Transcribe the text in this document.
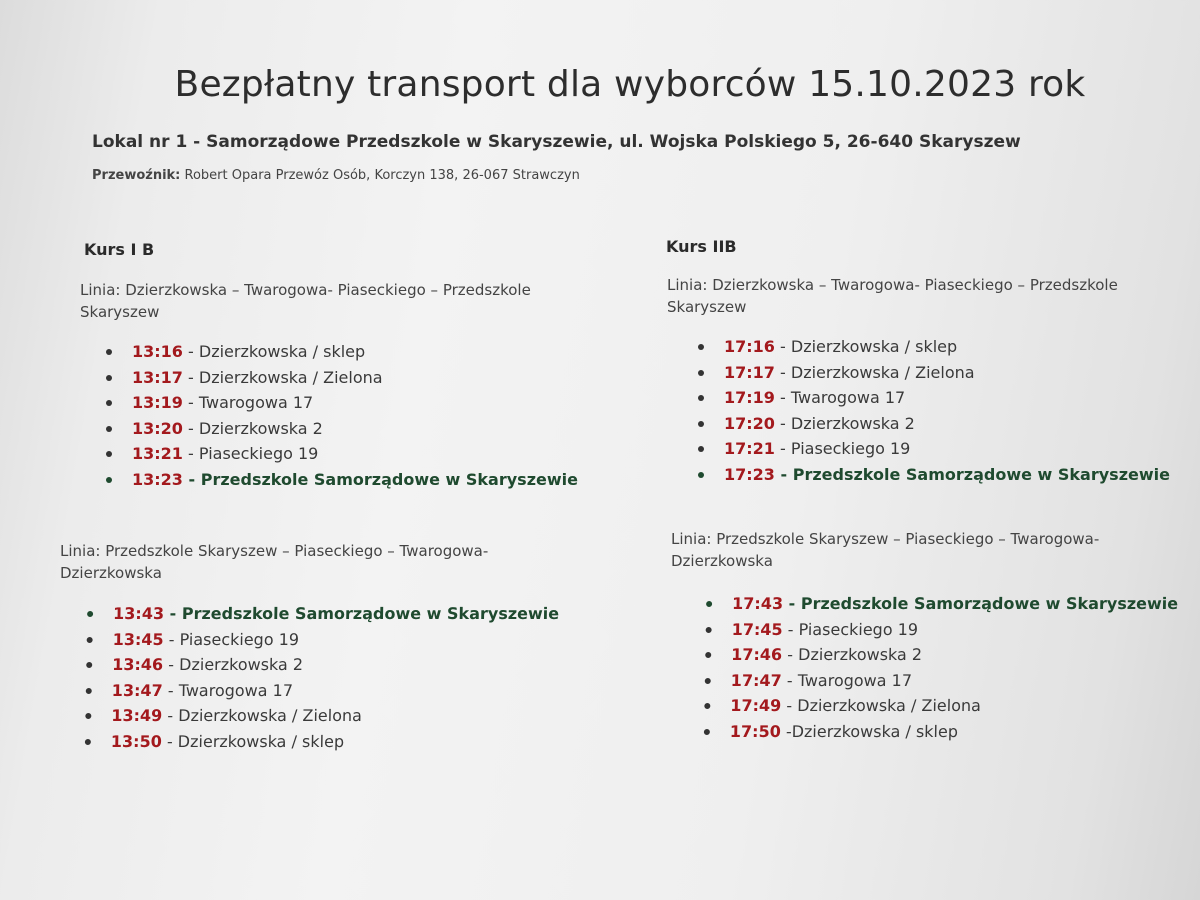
Bezpłatny transport dla wyborców 15.10.2023 rok
Lokal nr 1 - Samorządowe Przedszkole w Skaryszewie, ul. Wojska Polskiego 5, 26-640 Skaryszew
Przewoźnik: Robert Opara Przewóz Osób, Korczyn 138, 26-067 Strawczyn

Kurs I B

Linia: Dzierzkowska – Twarogowa- Piaseckiego – Przedszkole
Skaryszew

13:16 - Dzierzkowska / sklep
13:17 - Dzierzkowska / Zielona
13:19 - Twarogowa 17
13:20 - Dzierzkowska 2
13:21 - Piaseckiego 19
13:23 - Przedszkole Samorządowe w Skaryszewie

Linia: Przedszkole Skaryszew – Piaseckiego – Twarogowa-
Dzierzkowska

13:43 - Przedszkole Samorządowe w Skaryszewie
13:45 - Piaseckiego 19
13:46 - Dzierzkowska 2
13:47 - Twarogowa 17
13:49 - Dzierzkowska / Zielona
13:50 - Dzierzkowska / sklep

Kurs IIB

Linia: Dzierzkowska – Twarogowa- Piaseckiego – Przedszkole
Skaryszew

17:16 - Dzierzkowska / sklep
17:17 - Dzierzkowska / Zielona
17:19 - Twarogowa 17
17:20 - Dzierzkowska 2
17:21 - Piaseckiego 19
17:23 - Przedszkole Samorządowe w Skaryszewie

Linia: Przedszkole Skaryszew – Piaseckiego – Twarogowa-
Dzierzkowska

17:43 - Przedszkole Samorządowe w Skaryszewie
17:45 - Piaseckiego 19
17:46 - Dzierzkowska 2
17:47 - Twarogowa 17
17:49 - Dzierzkowska / Zielona
17:50 -Dzierzkowska / sklep
